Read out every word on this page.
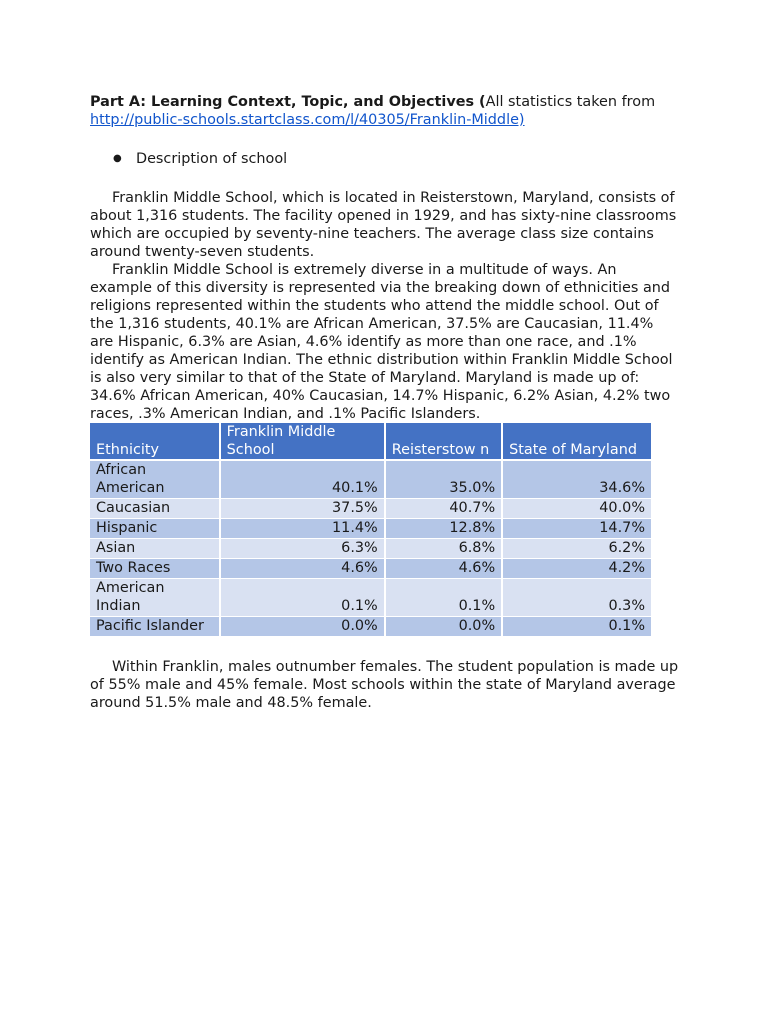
Part A: Learning Context, Topic, and Objectives (All statistics taken from http://public-schools.startclass.com/l/40305/Franklin-Middle)

● Description of school

Franklin Middle School, which is located in Reisterstown, Maryland, consists of about 1,316 students. The facility opened in 1929, and has sixty-nine classrooms which are occupied by seventy-nine teachers. The average class size contains around twenty-seven students.

Franklin Middle School is extremely diverse in a multitude of ways. An example of this diversity is represented via the breaking down of ethnicities and religions represented within the students who attend the middle school. Out of the 1,316 students, 40.1% are African American, 37.5% are Caucasian, 11.4% are Hispanic, 6.3% are Asian, 4.6% identify as more than one race, and .1% identify as American Indian. The ethnic distribution within Franklin Middle School is also very similar to that of the State of Maryland. Maryland is made up of: 34.6% African American, 40% Caucasian, 14.7% Hispanic, 6.2% Asian, 4.2% two races, .3% American Indian, and .1% Pacific Islanders.

Ethnicity	Franklin Middle School	Reisterstow n	State of Maryland
African American	40.1%	35.0%	34.6%
Caucasian	37.5%	40.7%	40.0%
Hispanic	11.4%	12.8%	14.7%
Asian	6.3%	6.8%	6.2%
Two Races	4.6%	4.6%	4.2%
American Indian	0.1%	0.1%	0.3%
Pacific Islander	0.0%	0.0%	0.1%

Within Franklin, males outnumber females. The student population is made up of 55% male and 45% female. Most schools within the state of Maryland average around 51.5% male and 48.5% female.
